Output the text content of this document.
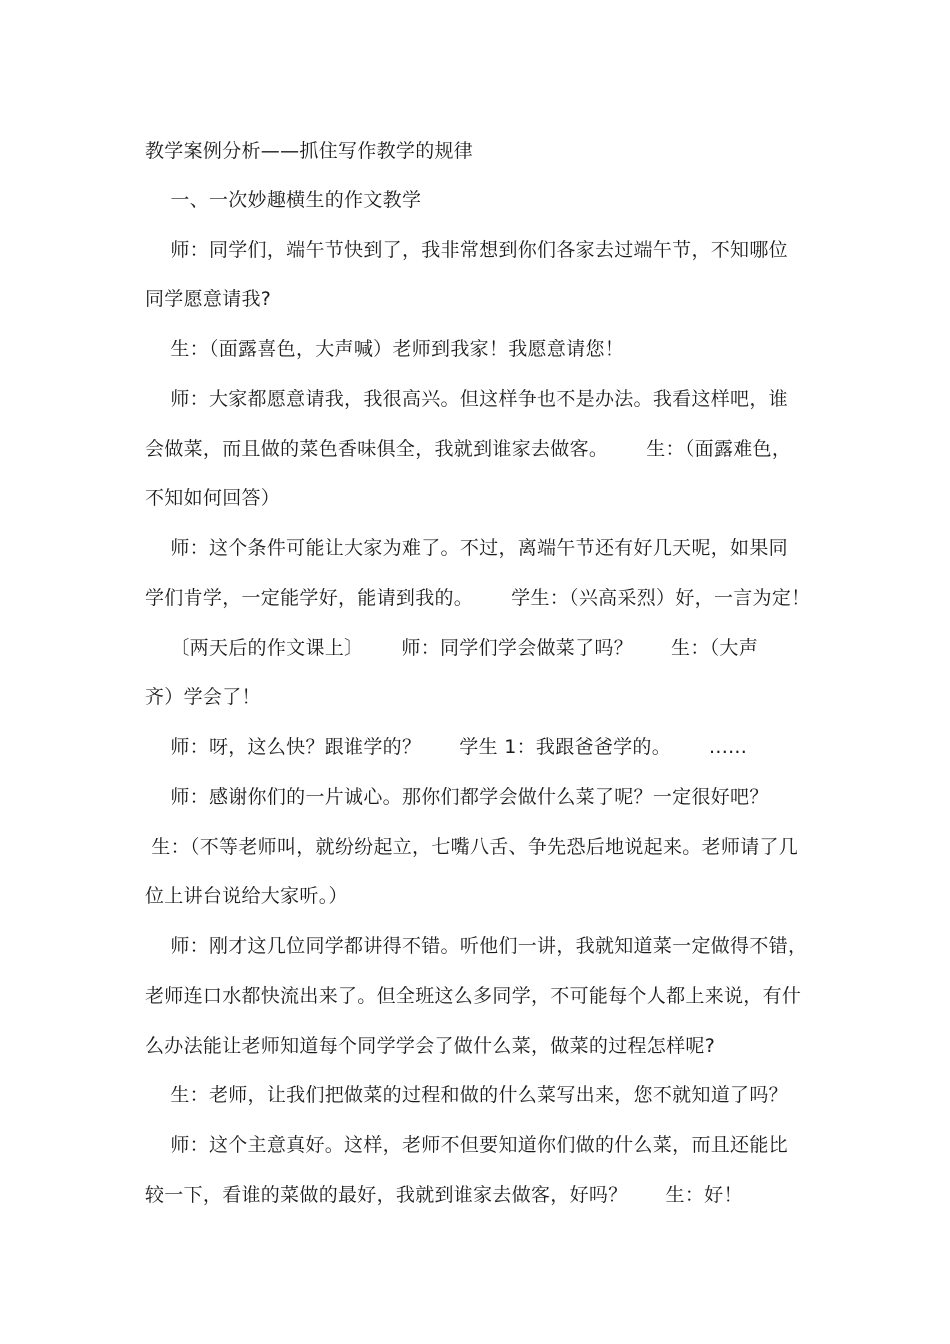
教学案例分析——抓住写作教学的规律
一、一次妙趣横生的作文教学
师：同学们，端午节快到了，我非常想到你们各家去过端午节，不知哪位
同学愿意请我?
生：（面露喜色，大声喊）老师到我家！我愿意请您！
师：大家都愿意请我，我很高兴。但这样争也不是办法。我看这样吧，谁
会做菜，而且做的菜色香味俱全，我就到谁家去做客。      生：（面露难色，
不知如何回答）
师：这个条件可能让大家为难了。不过，离端午节还有好几天呢，如果同
学们肯学，一定能学好，能请到我的。      学生：（兴高采烈）好，一言为定！
〔两天后的作文课上〕      师：同学们学会做菜了吗？      生：（大声
齐）学会了！
师：呀，这么快？跟谁学的？      学生 1：我跟爸爸学的。      ......
师：感谢你们的一片诚心。那你们都学会做什么菜了呢？一定很好吧？
生：（不等老师叫，就纷纷起立，七嘴八舌、争先恐后地说起来。老师请了几
位上讲台说给大家听。）
师：刚才这几位同学都讲得不错。听他们一讲，我就知道菜一定做得不错，
老师连口水都快流出来了。但全班这么多同学，不可能每个人都上来说，有什
么办法能让老师知道每个同学学会了做什么菜，做菜的过程怎样呢?
生：老师，让我们把做菜的过程和做的什么菜写出来，您不就知道了吗？
师：这个主意真好。这样，老师不但要知道你们做的什么菜，而且还能比
较一下，看谁的菜做的最好，我就到谁家去做客，好吗？      生：好！
